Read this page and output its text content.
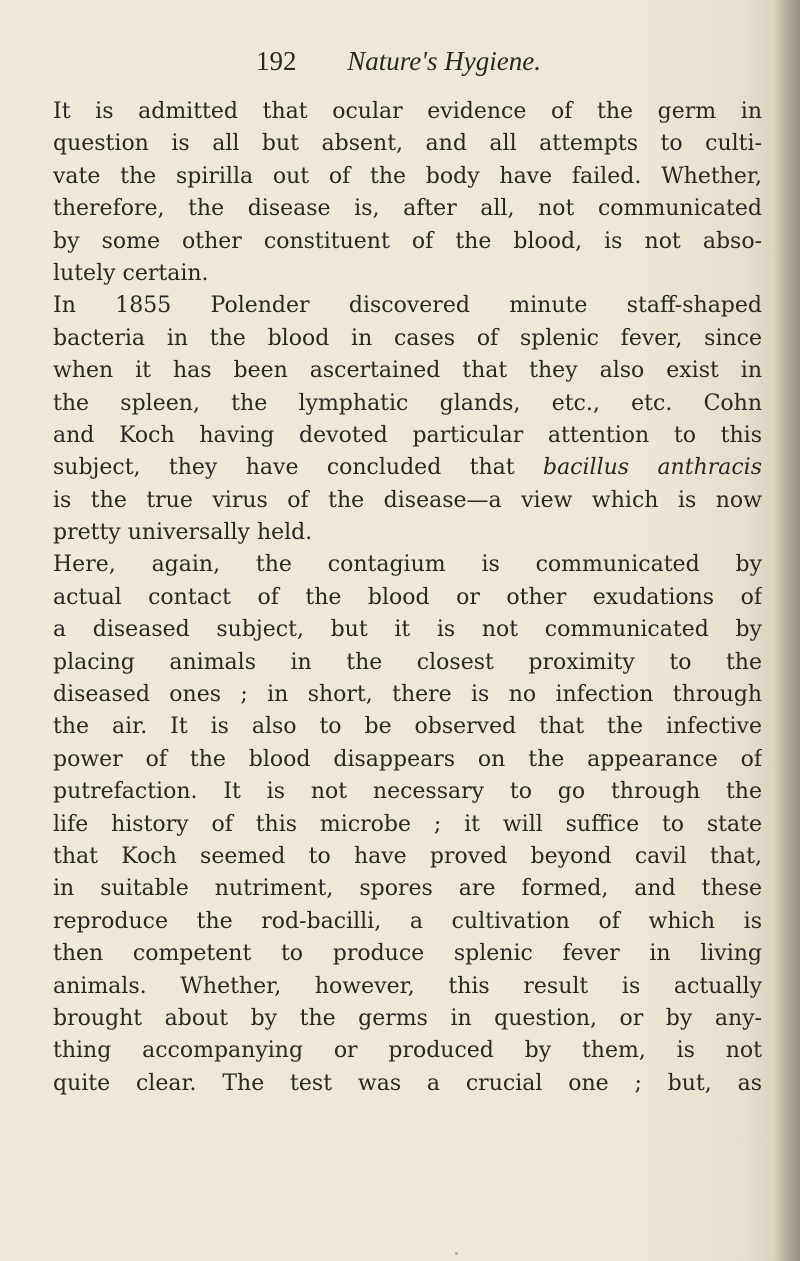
192 Nature's Hygiene.
It is admitted that ocular evidence of the germ in
question is all but absent, and all attempts to culti-
vate the spirilla out of the body have failed. Whether,
therefore, the disease is, after all, not communicated
by some other constituent of the blood, is not abso-
lutely certain.
In 1855 Polender discovered minute staff-shaped
bacteria in the blood in cases of splenic fever, since
when it has been ascertained that they also exist in
the spleen, the lymphatic glands, etc., etc. Cohn
and Koch having devoted particular attention to this
subject, they have concluded that bacillus anthracis
is the true virus of the disease—a view which is now
pretty universally held.
Here, again, the contagium is communicated by
actual contact of the blood or other exudations of
a diseased subject, but it is not communicated by
placing animals in the closest proximity to the
diseased ones ; in short, there is no infection through
the air. It is also to be observed that the infective
power of the blood disappears on the appearance of
putrefaction. It is not necessary to go through the
life history of this microbe ; it will suffice to state
that Koch seemed to have proved beyond cavil that,
in suitable nutriment, spores are formed, and these
reproduce the rod-bacilli, a cultivation of which is
then competent to produce splenic fever in living
animals. Whether, however, this result is actually
brought about by the germs in question, or by any-
thing accompanying or produced by them, is not
quite clear. The test was a crucial one ; but, as
